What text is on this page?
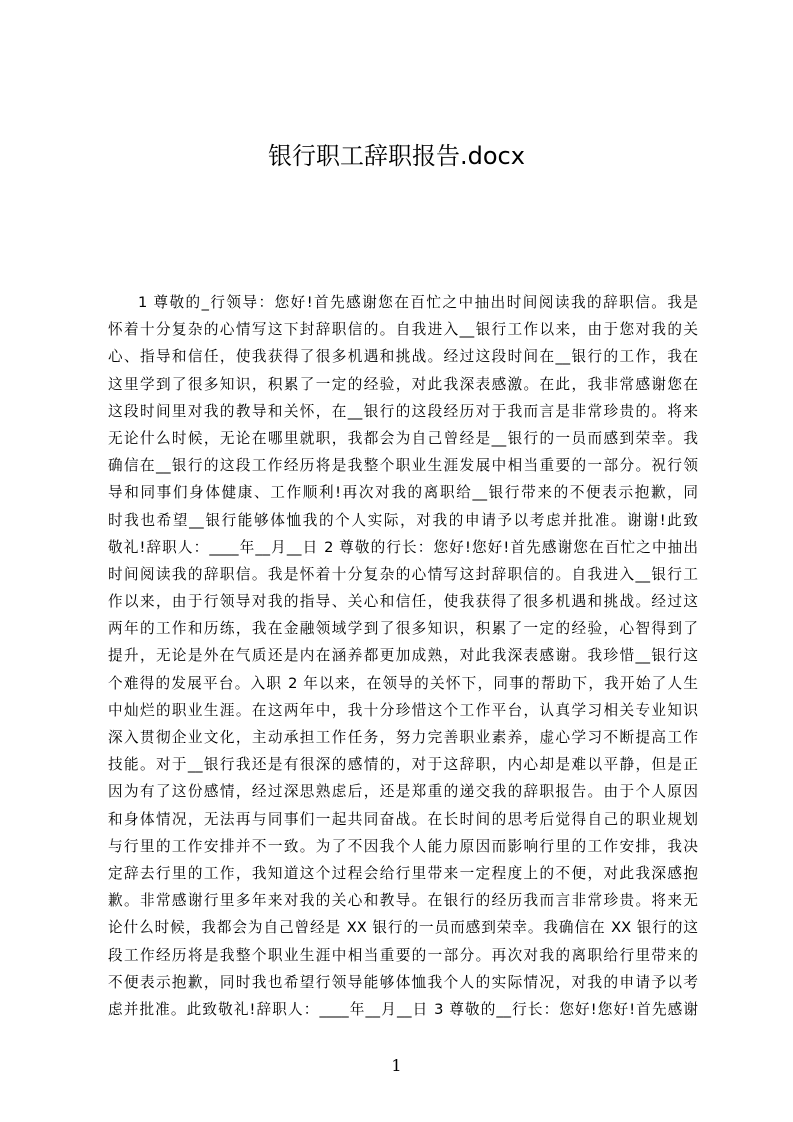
银行职工辞职报告.docx
1 尊敬的_行领导：您好!首先感谢您在百忙之中抽出时间阅读我的辞职信。我是
怀着十分复杂的心情写这下封辞职信的。自我进入__银行工作以来，由于您对我的关
心、指导和信任，使我获得了很多机遇和挑战。经过这段时间在__银行的工作，我在
这里学到了很多知识，积累了一定的经验，对此我深表感激。在此，我非常感谢您在
这段时间里对我的教导和关怀，在__银行的这段经历对于我而言是非常珍贵的。将来
无论什么时候，无论在哪里就职，我都会为自己曾经是__银行的一员而感到荣幸。我
确信在__银行的这段工作经历将是我整个职业生涯发展中相当重要的一部分。祝行领
导和同事们身体健康、工作顺利!再次对我的离职给__银行带来的不便表示抱歉，同
时我也希望__银行能够体恤我的个人实际，对我的申请予以考虑并批准。谢谢!此致
敬礼!辞职人：____年__月__日 2 尊敬的行长：您好!您好!首先感谢您在百忙之中抽出
时间阅读我的辞职信。我是怀着十分复杂的心情写这封辞职信的。自我进入__银行工
作以来，由于行领导对我的指导、关心和信任，使我获得了很多机遇和挑战。经过这
两年的工作和历练，我在金融领域学到了很多知识，积累了一定的经验，心智得到了
提升，无论是外在气质还是内在涵养都更加成熟，对此我深表感谢。我珍惜__银行这
个难得的发展平台。入职 2 年以来，在领导的关怀下，同事的帮助下，我开始了人生
中灿烂的职业生涯。在这两年中，我十分珍惜这个工作平台，认真学习相关专业知识
深入贯彻企业文化，主动承担工作任务，努力完善职业素养，虚心学习不断提高工作
技能。对于__银行我还是有很深的感情的，对于这辞职，内心却是难以平静，但是正
因为有了这份感情，经过深思熟虑后，还是郑重的递交我的辞职报告。由于个人原因
和身体情况，无法再与同事们一起共同奋战。在长时间的思考后觉得自己的职业规划
与行里的工作安排并不一致。为了不因我个人能力原因而影响行里的工作安排，我决
定辞去行里的工作，我知道这个过程会给行里带来一定程度上的不便，对此我深感抱
歉。非常感谢行里多年来对我的关心和教导。在银行的经历我而言非常珍贵。将来无
论什么时候，我都会为自己曾经是 XX 银行的一员而感到荣幸。我确信在 XX 银行的这
段工作经历将是我整个职业生涯中相当重要的一部分。再次对我的离职给行里带来的
不便表示抱歉，同时我也希望行领导能够体恤我个人的实际情况，对我的申请予以考
虑并批准。此致敬礼!辞职人：____年__月__日 3 尊敬的__行长：您好!您好!首先感谢
1
